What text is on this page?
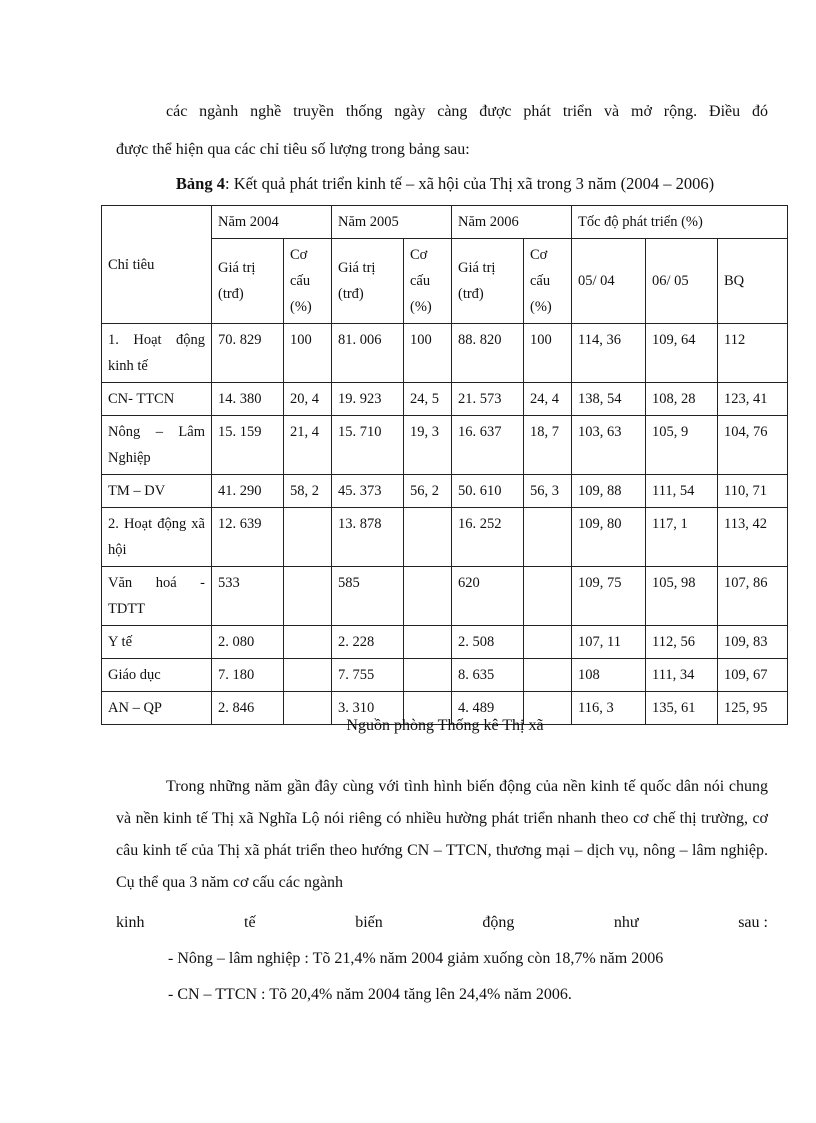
các ngành nghề truyền thống ngày càng được phát triển và mở rộng. Điều đó
được thể hiện qua các chỉ tiêu số lượng trong bảng sau:
Bảng 4: Kết quả phát triển kinh tế – xã hội của Thị xã trong 3 năm (2004 – 2006)
Chỉ tiêu	Năm 2004		Năm 2005		Năm 2006		Tốc độ phát triển (%)		
	Giá trị (trđ)	Cơ cấu (%)	Giá trị (trđ)	Cơ cấu (%)	Giá trị (trđ)	Cơ cấu (%)	05/ 04	06/ 05	BQ
1. Hoạt động kinh tế	70. 829	100	81. 006	100	88. 820	100	114, 36	109, 64	112
CN- TTCN	14. 380	20, 4	19. 923	24, 5	21. 573	24, 4	138, 54	108, 28	123, 41
Nông – Lâm Nghiệp	15. 159	21, 4	15. 710	19, 3	16. 637	18, 7	103, 63	105, 9	104, 76
TM – DV	41. 290	58, 2	45. 373	56, 2	50. 610	56, 3	109, 88	111, 54	110, 71
2. Hoạt động xã hội	12. 639		13. 878		16. 252		109, 80	117, 1	113, 42
Văn hoá - TDTT	533		585		620		109, 75	105, 98	107, 86
Y tế	2. 080		2. 228		2. 508		107, 11	112, 56	109, 83
Giáo dục	7. 180		7. 755		8. 635		108	111, 34	109, 67
AN – QP	2. 846		3. 310		4. 489		116, 3	135, 61	125, 95
Nguồn phòng Thống kê Thị xã
Trong những năm gần đây cùng với tình hình biến động của nền kinh tế quốc dân nói chung và nền kinh tế Thị xã Nghĩa Lộ nói riêng có nhiều hường phát triển nhanh theo cơ chế thị trường, cơ câu kinh tế của Thị xã phát triển theo hướng CN – TTCN, thương mại – dịch vụ, nông – lâm nghiệp. Cụ thể qua 3 năm cơ cấu các ngành
kinh	tế	biến	động	như	sau :
- Nông – lâm nghiệp : Tõ 21,4% năm 2004 giảm xuống còn 18,7% năm 2006
- CN – TTCN : Tõ 20,4% năm 2004 tăng lên 24,4% năm 2006.
